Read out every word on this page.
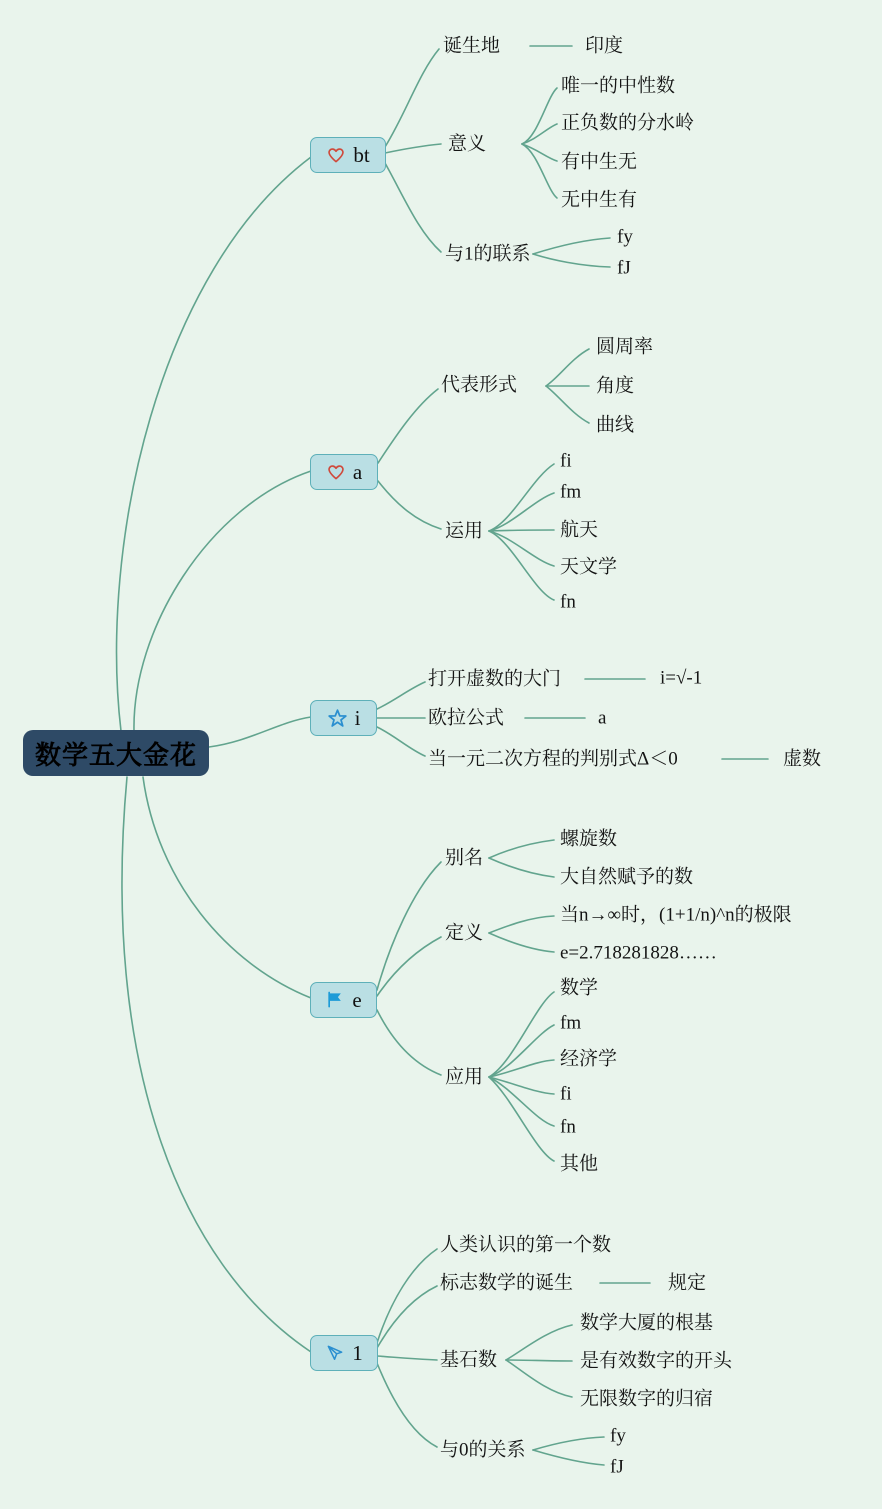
数学五大金花
bt
a
i
e
1
诞生地	印度
意义
唯一的中性数
正负数的分水岭
有中生无
无中生有
与1的联系
fy
fJ
代表形式
圆周率
角度
曲线
运用
fi
fm
航天
天文学
fn
打开虚数的大门	i=√-1
欧拉公式	a
当一元二次方程的判别式Δ＜0	虚数
别名
螺旋数
大自然赋予的数
定义
当n→∞时，(1+1/n)^n的极限
e=2.718281828……
应用
数学
fm
经济学
fi
fn
其他
人类认识的第一个数
标志数学的诞生	规定
基石数
数学大厦的根基
是有效数字的开头
无限数字的归宿
与0的关系
fy
fJ
